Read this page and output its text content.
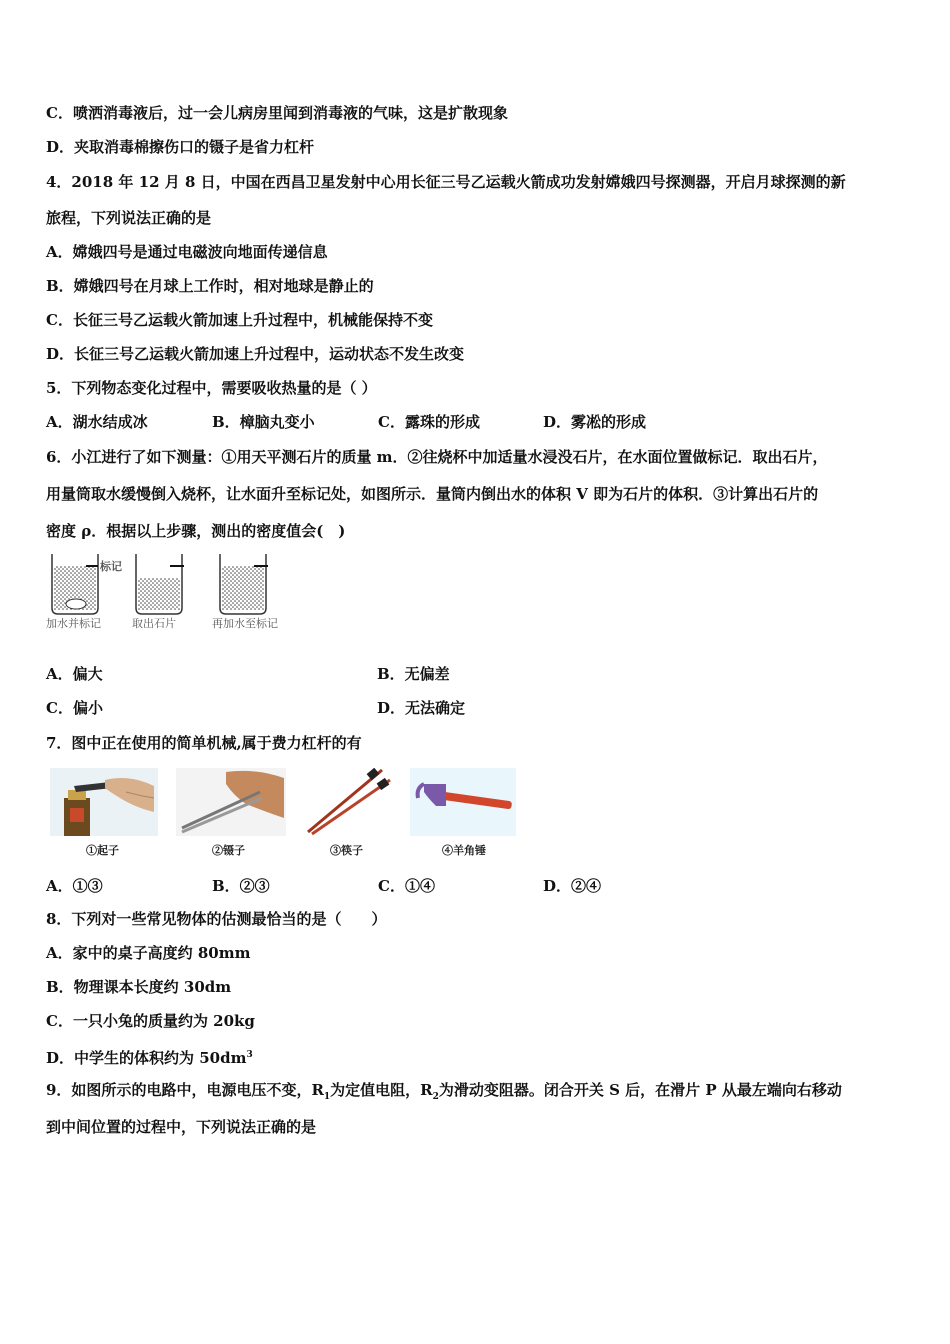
C．喷洒消毒液后，过一会儿病房里闻到消毒液的气味，这是扩散现象
D．夹取消毒棉擦伤口的镊子是省力杠杆
4．2018 年 12 月 8 日，中国在西昌卫星发射中心用长征三号乙运载火箭成功发射嫦娥四号探测器，开启月球探测的新
旅程，下列说法正确的是
A．嫦娥四号是通过电磁波向地面传递信息
B．嫦娥四号在月球上工作时，相对地球是静止的
C．长征三号乙运载火箭加速上升过程中，机械能保持不变
D．长征三号乙运载火箭加速上升过程中，运动状态不发生改变
5．下列物态变化过程中，需要吸收热量的是（ ）
A．湖水结成冰	B．樟脑丸变小	C．露珠的形成	D．雾凇的形成
6．小江进行了如下测量：①用天平测石片的质量 m．②往烧杯中加适量水浸没石片，在水面位置做标记．取出石片，
用量筒取水缓慢倒入烧杯，让水面升至标记处，如图所示．量筒内倒出水的体积 V 即为石片的体积．③计算出石片的
密度 ρ．根据以上步骤，测出的密度值会(　)
标记
加水并标记	取出石片	再加水至标记
A．偏大	B．无偏差
C．偏小	D．无法确定
7．图中正在使用的简单机械,属于费力杠杆的有
①起子	②镊子	③筷子	④羊角锤
A．①③	B．②③	C．①④	D．②④
8．下列对一些常见物体的估测最恰当的是（　　）
A．家中的桌子高度约 80mm
B．物理课本长度约 30dm
C．一只小兔的质量约为 20kg
D．中学生的体积约为 $50dm^3$
9．如图所示的电路中，电源电压不变，$R_1$为定值电阻，$R_2$为滑动变阻器。闭合开关 S 后，在滑片 P 从最左端向右移动
到中间位置的过程中，下列说法正确的是
